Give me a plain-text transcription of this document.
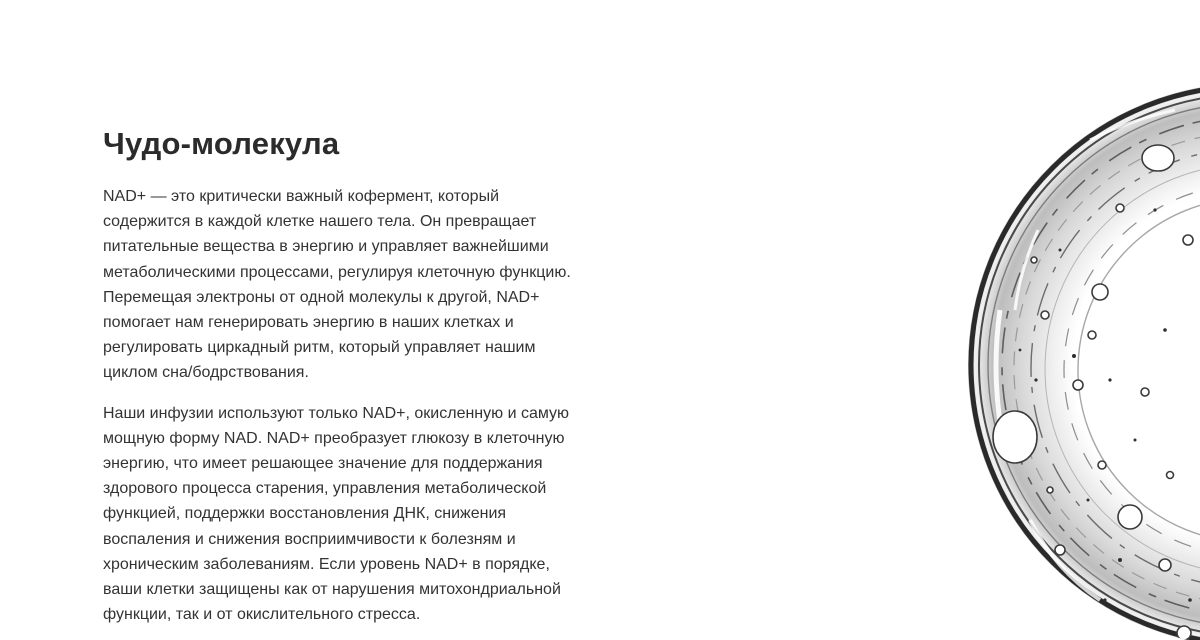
Чудо-молекула

NAD+ — это критически важный кофермент, который
содержится в каждой клетке нашего тела. Он превращает
питательные вещества в энергию и управляет важнейшими
метаболическими процессами, регулируя клеточную функцию.
Перемещая электроны от одной молекулы к другой, NAD+
помогает нам генерировать энергию в наших клетках и
регулировать циркадный ритм, который управляет нашим
циклом сна/бодрствования.

Наши инфузии используют только NAD+, окисленную и самую
мощную форму NAD. NAD+ преобразует глюкозу в клеточную
энергию, что имеет решающее значение для поддержания
здорового процесса старения, управления метаболической
функцией, поддержки восстановления ДНК, снижения
воспаления и снижения восприимчивости к болезням и
хроническим заболеваниям. Если уровень NAD+ в порядке,
ваши клетки защищены как от нарушения митохондриальной
функции, так и от окислительного стресса.
